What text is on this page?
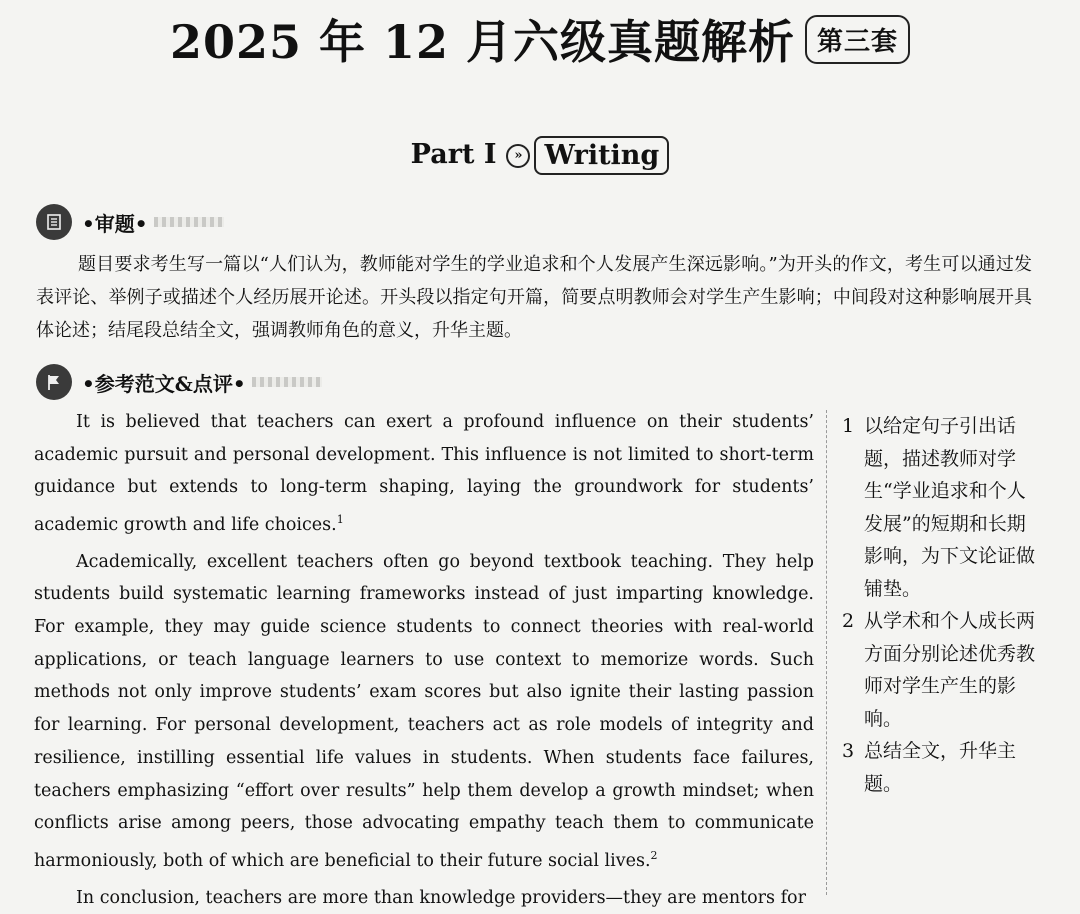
2025 年 12 月六级真题解析 第三套
Part I » Writing
•审题•
题目要求考生写一篇以“人们认为，教师能对学生的学业追求和个人发展产生深远影响。”为开头的作文，考生可以通过发表评论、举例子或描述个人经历展开论述。开头段以指定句开篇，简要点明教师会对学生产生影响；中间段对这种影响展开具体论述；结尾段总结全文，强调教师角色的意义，升华主题。
•参考范文&点评•

It is believed that teachers can exert a profound influence on their students’ academic pursuit and personal development. This influence is not limited to short-term guidance but extends to long-term shaping, laying the groundwork for students’ academic growth and life choices.$^1$

Academically, excellent teachers often go beyond textbook teaching. They help students build systematic learning frameworks instead of just imparting knowledge. For example, they may guide science students to connect theories with real-world applications, or teach language learners to use context to memorize words. Such methods not only improve students’ exam scores but also ignite their lasting passion for learning. For personal development, teachers act as role models of integrity and resilience, instilling essential life values in students. When students face failures, teachers emphasizing “effort over results” help them develop a growth mindset; when conflicts arise among peers, those advocating empathy teach them to communicate harmoniously, both of which are beneficial to their future social lives.$^2$

In conclusion, teachers are more than knowledge providers—they are mentors for

1 以给定句子引出话题，描述教师对学生“学业追求和个人发展”的短期和长期影响，为下文论证做铺垫。
2 从学术和个人成长两方面分别论述优秀教师对学生产生的影响。
3 总结全文，升华主题。
